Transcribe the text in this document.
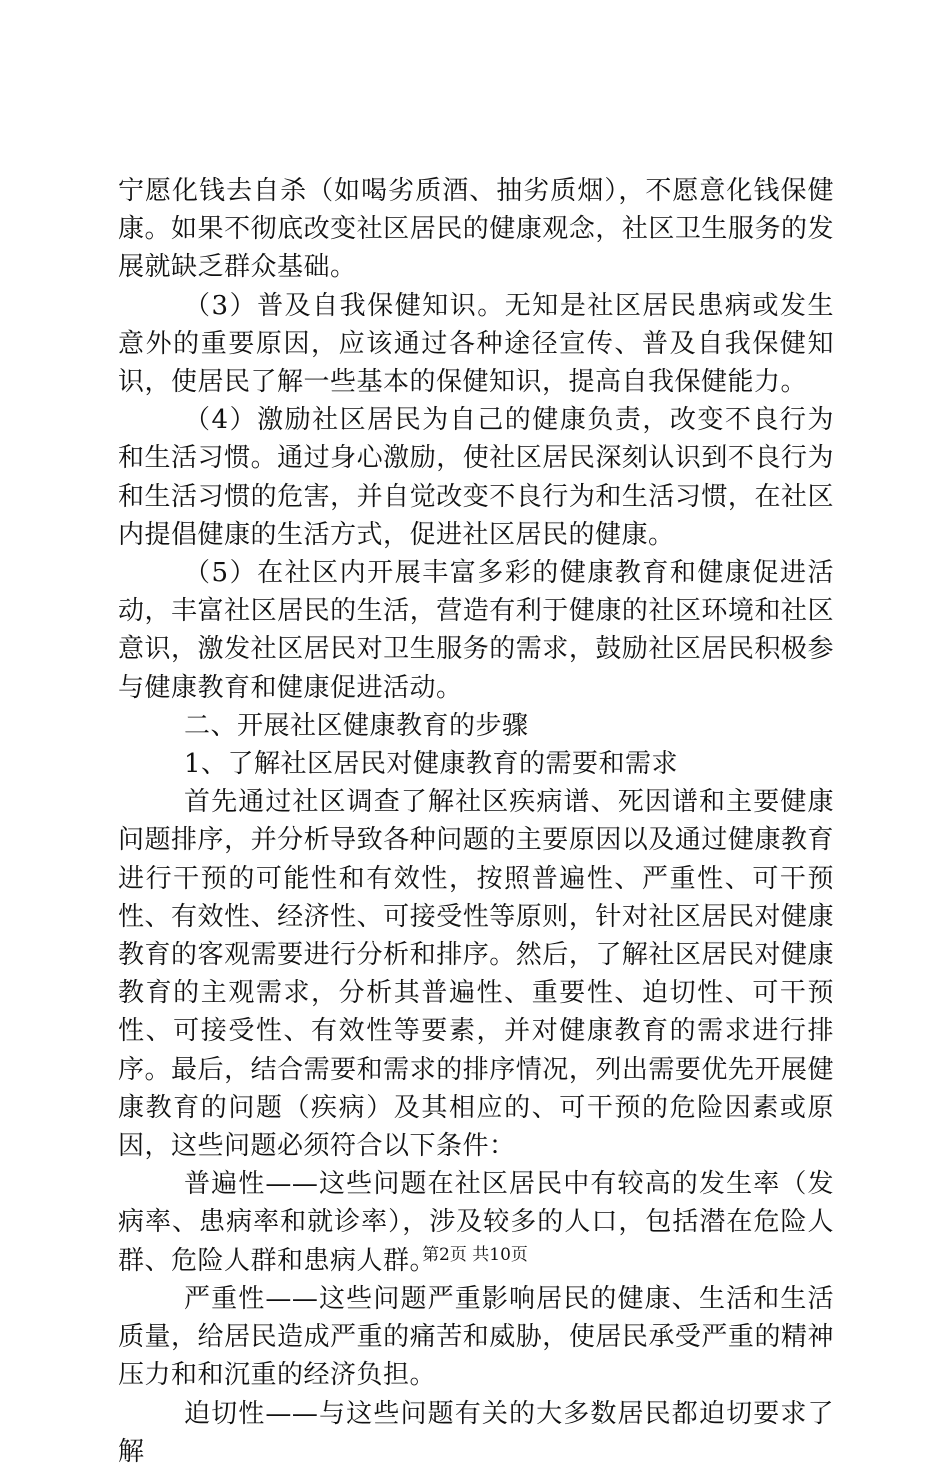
宁愿化钱去自杀（如喝劣质酒、抽劣质烟），不愿意化钱保健康。如果不彻底改变社区居民的健康观念，社区卫生服务的发展就缺乏群众基础。

（3）普及自我保健知识。无知是社区居民患病或发生意外的重要原因，应该通过各种途径宣传、普及自我保健知识，使居民了解一些基本的保健知识，提高自我保健能力。

（4）激励社区居民为自己的健康负责，改变不良行为和生活习惯。通过身心激励，使社区居民深刻认识到不良行为和生活习惯的危害，并自觉改变不良行为和生活习惯，在社区内提倡健康的生活方式，促进社区居民的健康。

（5）在社区内开展丰富多彩的健康教育和健康促进活动，丰富社区居民的生活，营造有利于健康的社区环境和社区意识，激发社区居民对卫生服务的需求，鼓励社区居民积极参与健康教育和健康促进活动。

二、开展社区健康教育的步骤

1、了解社区居民对健康教育的需要和需求

首先通过社区调查了解社区疾病谱、死因谱和主要健康问题排序，并分析导致各种问题的主要原因以及通过健康教育进行干预的可能性和有效性，按照普遍性、严重性、可干预性、有效性、经济性、可接受性等原则，针对社区居民对健康教育的客观需要进行分析和排序。然后，了解社区居民对健康教育的主观需求，分析其普遍性、重要性、迫切性、可干预性、可接受性、有效性等要素，并对健康教育的需求进行排序。最后，结合需要和需求的排序情况，列出需要优先开展健康教育的问题（疾病）及其相应的、可干预的危险因素或原因，这些问题必须符合以下条件：

普遍性——这些问题在社区居民中有较高的发生率（发病率、患病率和就诊率），涉及较多的人口，包括潜在危险人群、危险人群和患病人群。

严重性——这些问题严重影响居民的健康、生活和生活质量，给居民造成严重的痛苦和威胁，使居民承受严重的精神压力和和沉重的经济负担。

迫切性——与这些问题有关的大多数居民都迫切要求了解

第2页 共10页
